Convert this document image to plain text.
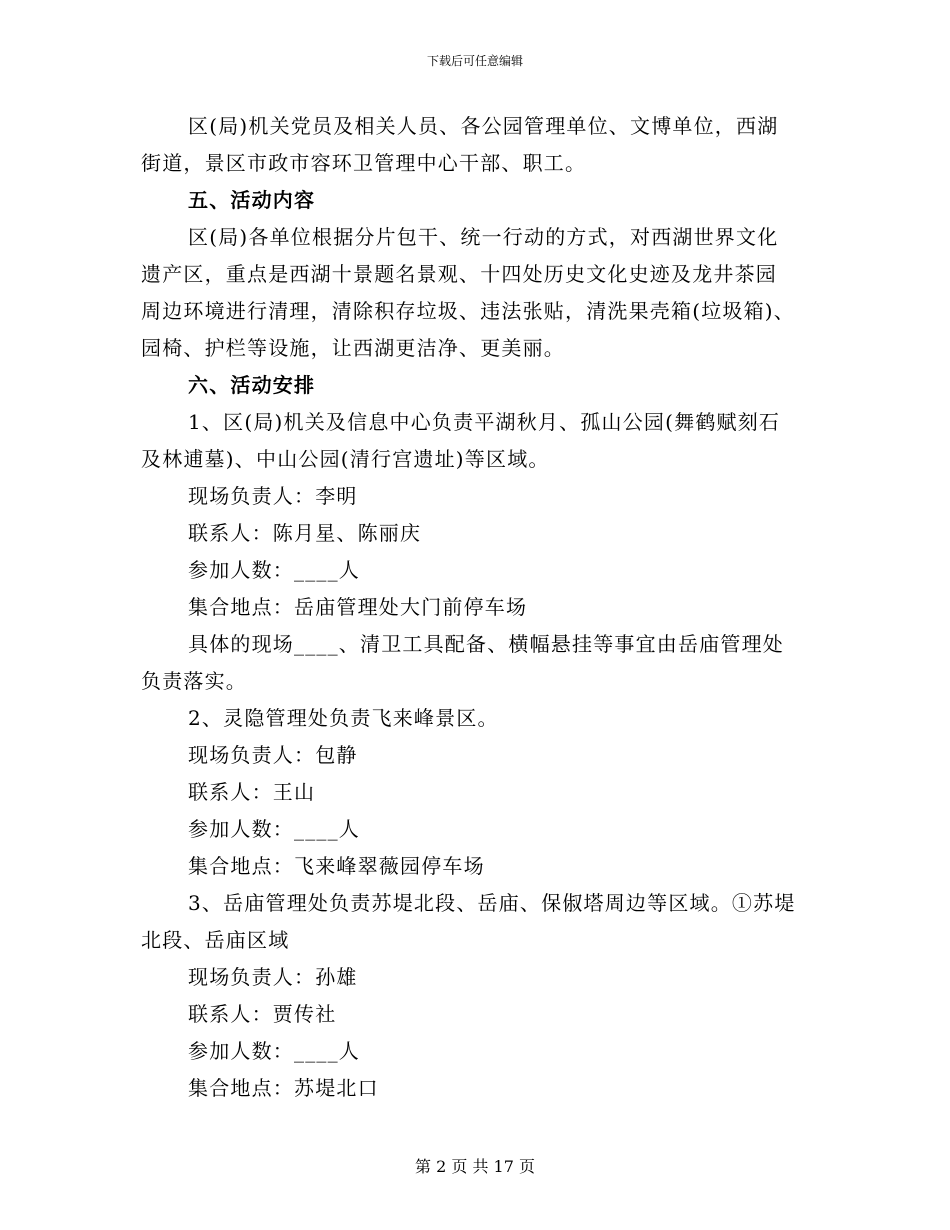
下载后可任意编辑

区(局)机关党员及相关人员、各公园管理单位、文博单位，西湖

街道，景区市政市容环卫管理中心干部、职工。

五、活动内容

区(局)各单位根据分片包干、统一行动的方式，对西湖世界文化

遗产区，重点是西湖十景题名景观、十四处历史文化史迹及龙井茶园

周边环境进行清理，清除积存垃圾、违法张贴，清洗果壳箱(垃圾箱)、

园椅、护栏等设施，让西湖更洁净、更美丽。

六、活动安排

1、区(局)机关及信息中心负责平湖秋月、孤山公园(舞鹤赋刻石

及林逋墓)、中山公园(清行宫遗址)等区域。

现场负责人：李明

联系人：陈月星、陈丽庆

参加人数：____人

集合地点：岳庙管理处大门前停车场

具体的现场____、清卫工具配备、横幅悬挂等事宜由岳庙管理处

负责落实。

2、灵隐管理处负责飞来峰景区。

现场负责人：包静

联系人：王山

参加人数：____人

集合地点：飞来峰翠薇园停车场

3、岳庙管理处负责苏堤北段、岳庙、保俶塔周边等区域。①苏堤

北段、岳庙区域

现场负责人：孙雄

联系人：贾传社

参加人数：____人

集合地点：苏堤北口

第 2 页 共 17 页
